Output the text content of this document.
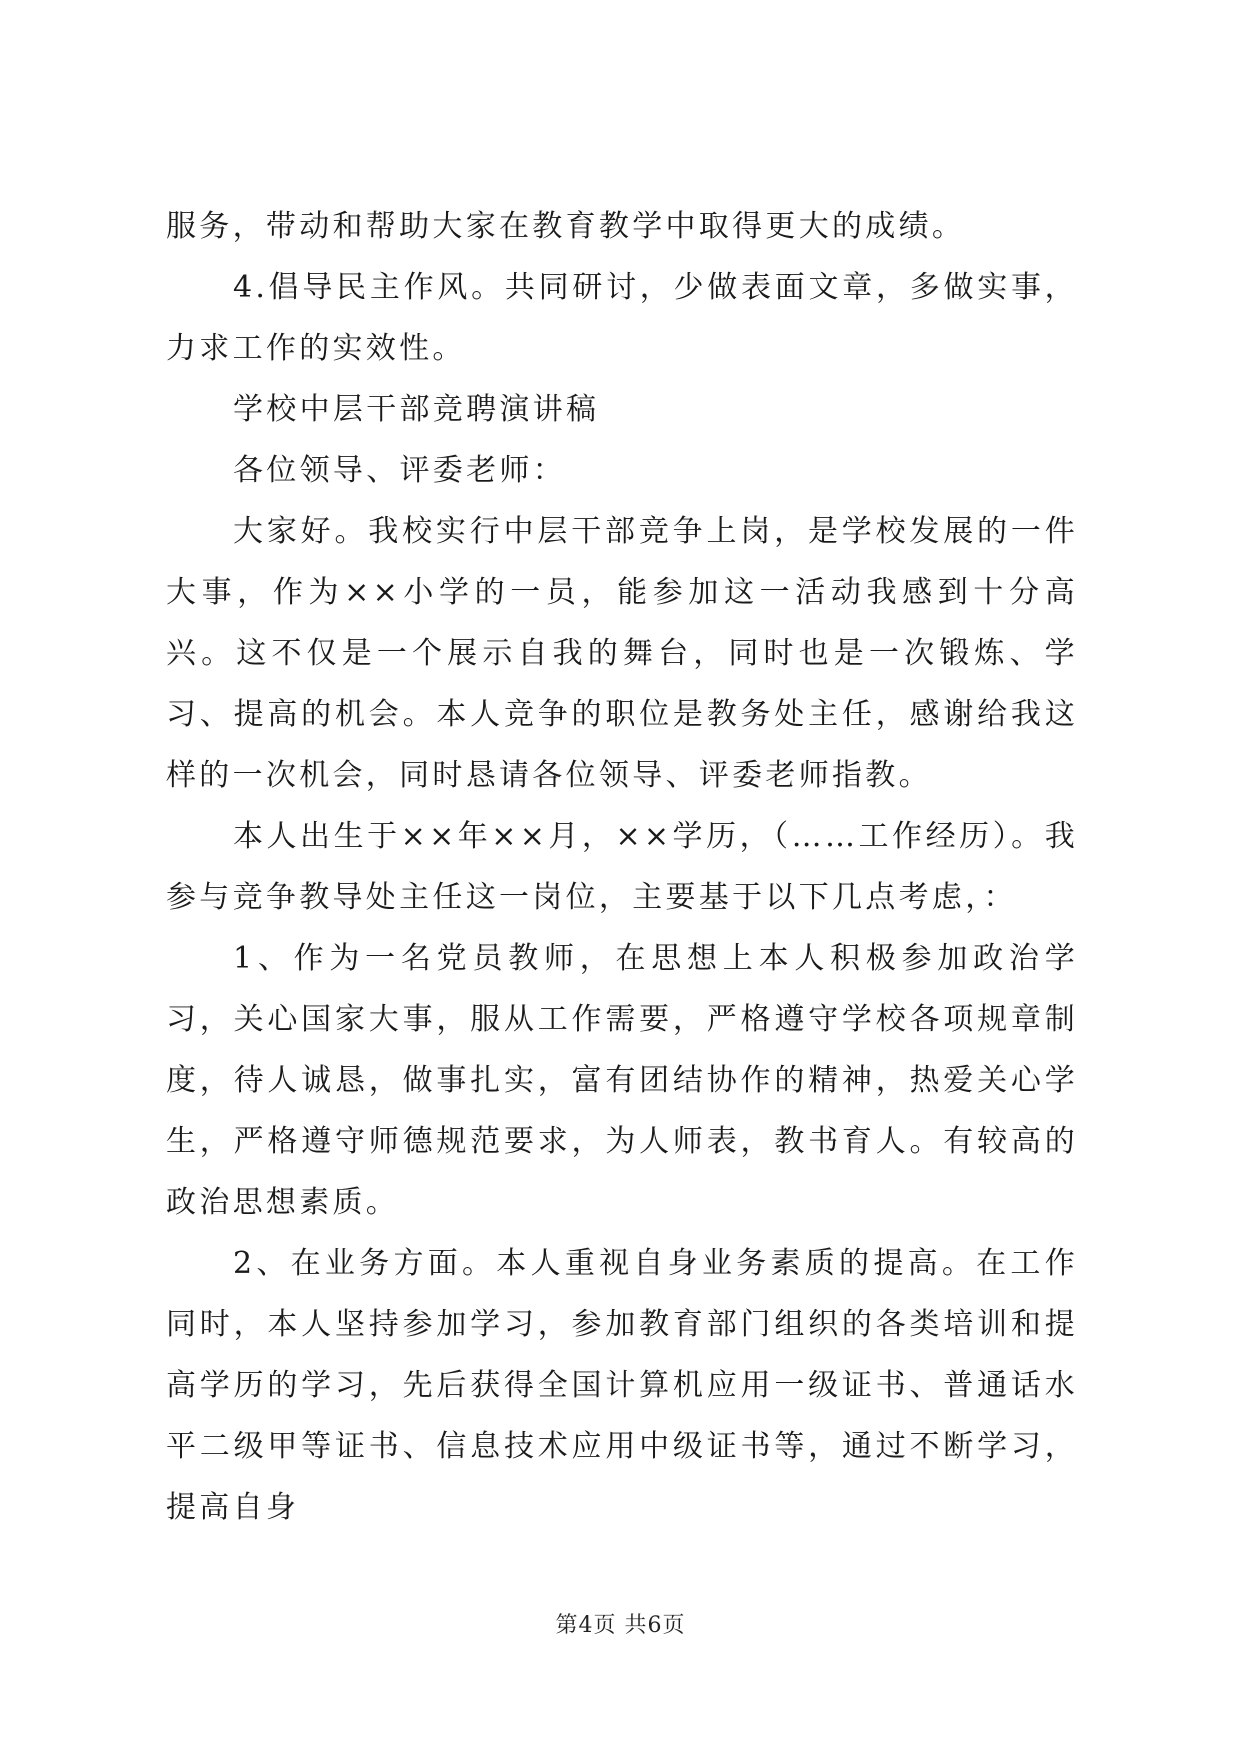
服务，带动和帮助大家在教育教学中取得更大的成绩。

4.倡导民主作风。共同研讨，少做表面文章，多做实事，力求工作的实效性。

学校中层干部竞聘演讲稿

各位领导、评委老师：

大家好。我校实行中层干部竞争上岗，是学校发展的一件大事，作为××小学的一员，能参加这一活动我感到十分高兴。这不仅是一个展示自我的舞台，同时也是一次锻炼、学习、提高的机会。本人竞争的职位是教务处主任，感谢给我这样的一次机会，同时恳请各位领导、评委老师指教。

本人出生于××年××月，××学历，（……工作经历）。我参与竞争教导处主任这一岗位，主要基于以下几点考虑，：

1、作为一名党员教师，在思想上本人积极参加政治学习，关心国家大事，服从工作需要，严格遵守学校各项规章制度，待人诚恳，做事扎实，富有团结协作的精神，热爱关心学生，严格遵守师德规范要求，为人师表，教书育人。有较高的政治思想素质。

2、在业务方面。本人重视自身业务素质的提高。在工作同时，本人坚持参加学习，参加教育部门组织的各类培训和提高学历的学习，先后获得全国计算机应用一级证书、普通话水平二级甲等证书、信息技术应用中级证书等，通过不断学习，提高自身

第4页 共6页
